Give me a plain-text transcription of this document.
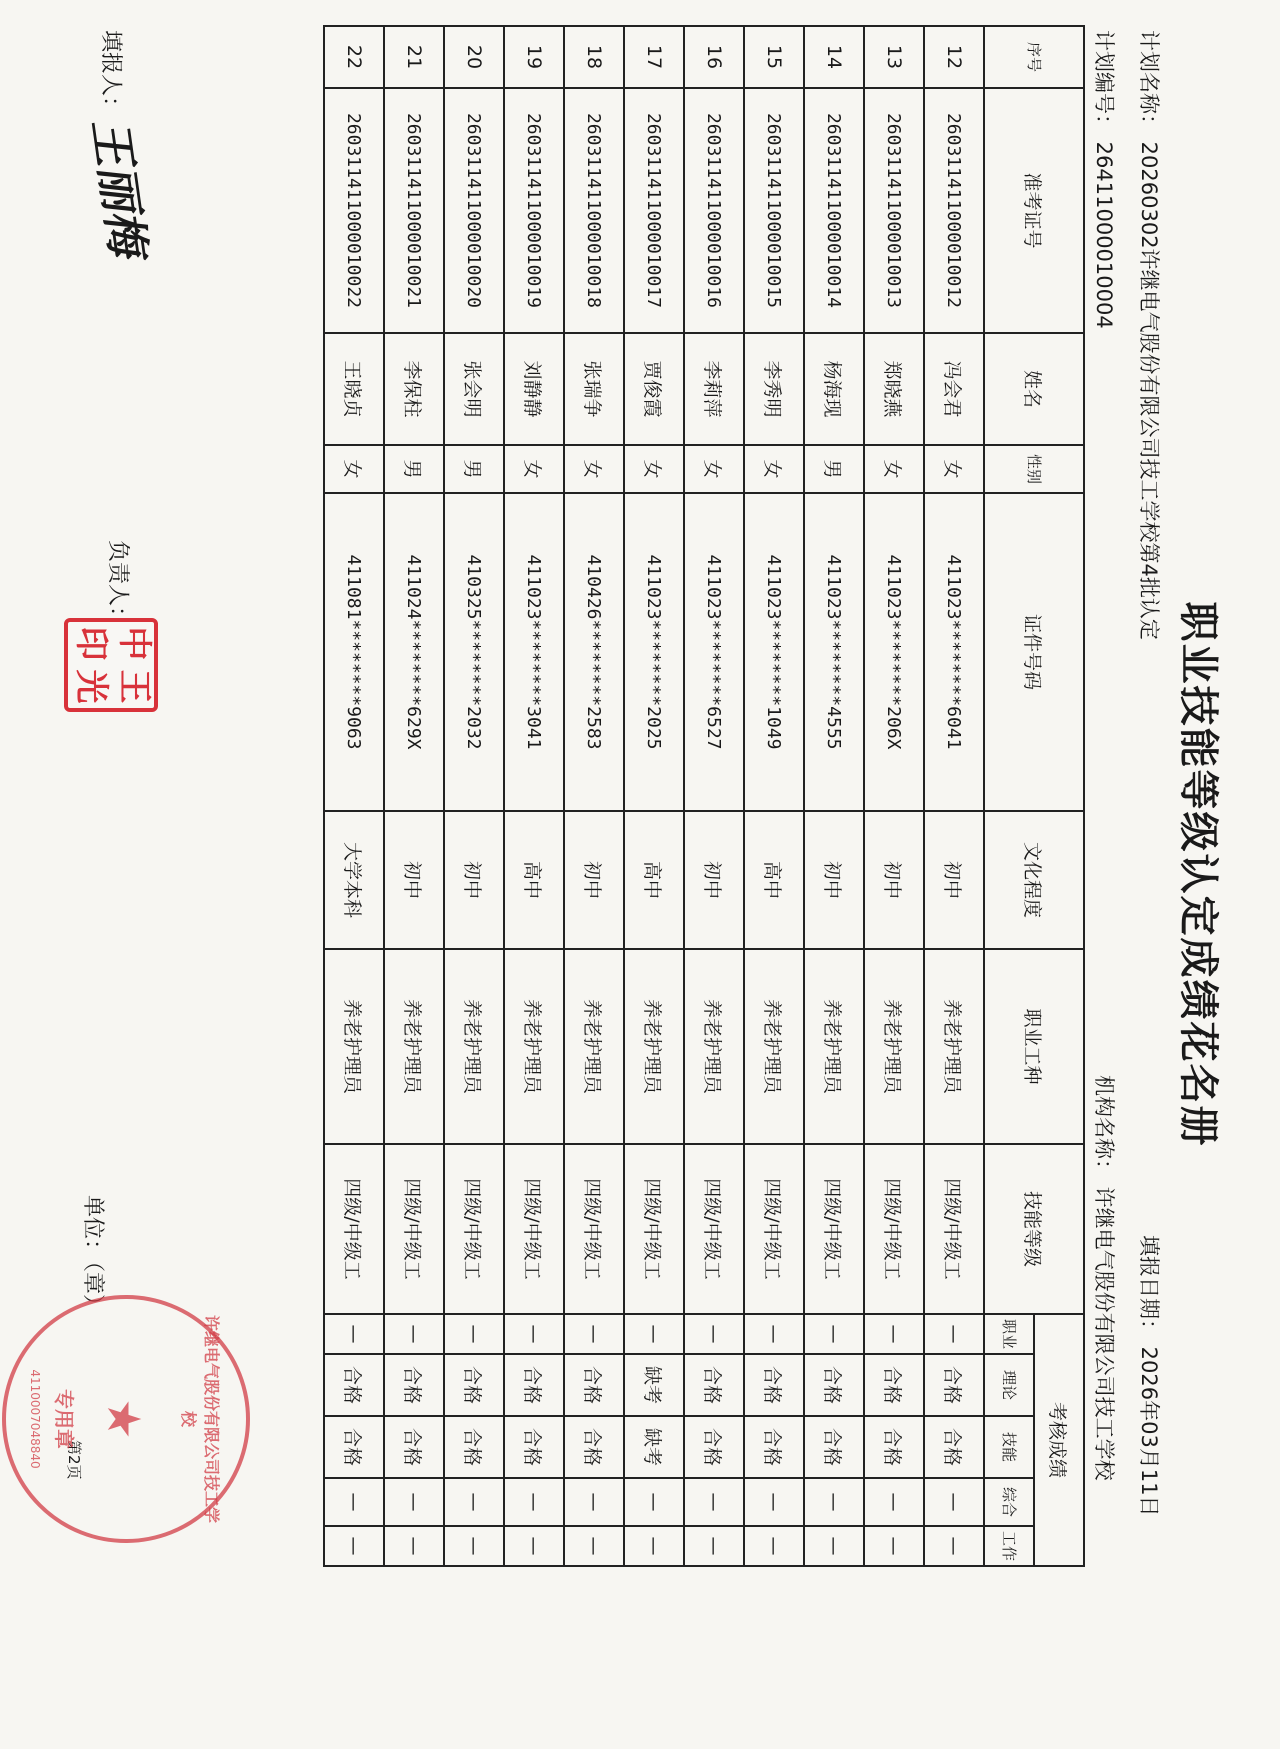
职业技能等级认定成绩花名册
计划名称： 20260302许继电气股份有限公司技工学校第4批认定
填报日期： 2026年03月11日
计划编号： 26411000010004
机构名称： 许继电气股份有限公司技工学校
序号	准考证号	姓名	性别	证件号码	文化程度	职业工种	技能等级	考核成绩				
								职业	理论	技能	综合	工作
12	260311411000010012	冯会君	女	411023********6041	初中	养老护理员	四级/中级工	—	合格	合格	—	—
13	260311411000010013	郑晓燕	女	411023********206X	初中	养老护理员	四级/中级工	—	合格	合格	—	—
14	260311411000010014	杨海现	男	411023********4555	初中	养老护理员	四级/中级工	—	合格	合格	—	—
15	260311411000010015	李秀明	女	411023********1049	高中	养老护理员	四级/中级工	—	合格	合格	—	—
16	260311411000010016	李莉萍	女	411023********6527	初中	养老护理员	四级/中级工	—	合格	合格	—	—
17	260311411000010017	贾俊霞	女	411023********2025	高中	养老护理员	四级/中级工	—	缺考	缺考	—	—
18	260311411000010018	张瑞争	女	410426********2583	初中	养老护理员	四级/中级工	—	合格	合格	—	—
19	260311411000010019	刘静静	女	411023********3041	高中	养老护理员	四级/中级工	—	合格	合格	—	—
20	260311411000010020	张会明	男	410325********2032	初中	养老护理员	四级/中级工	—	合格	合格	—	—
21	260311411000010021	李保柱	男	411024********629X	初中	养老护理员	四级/中级工	—	合格	合格	—	—
22	260311411000010022	王晓贞	女	411081********9063	大学本科	养老护理员	四级/中级工	—	合格	合格	—	—
填报人：
王丽梅
负责人：
中
王
印
光
单位：（章）
第2页	许继电气股份有限公司技工学校
★
专用章
4110007048840
